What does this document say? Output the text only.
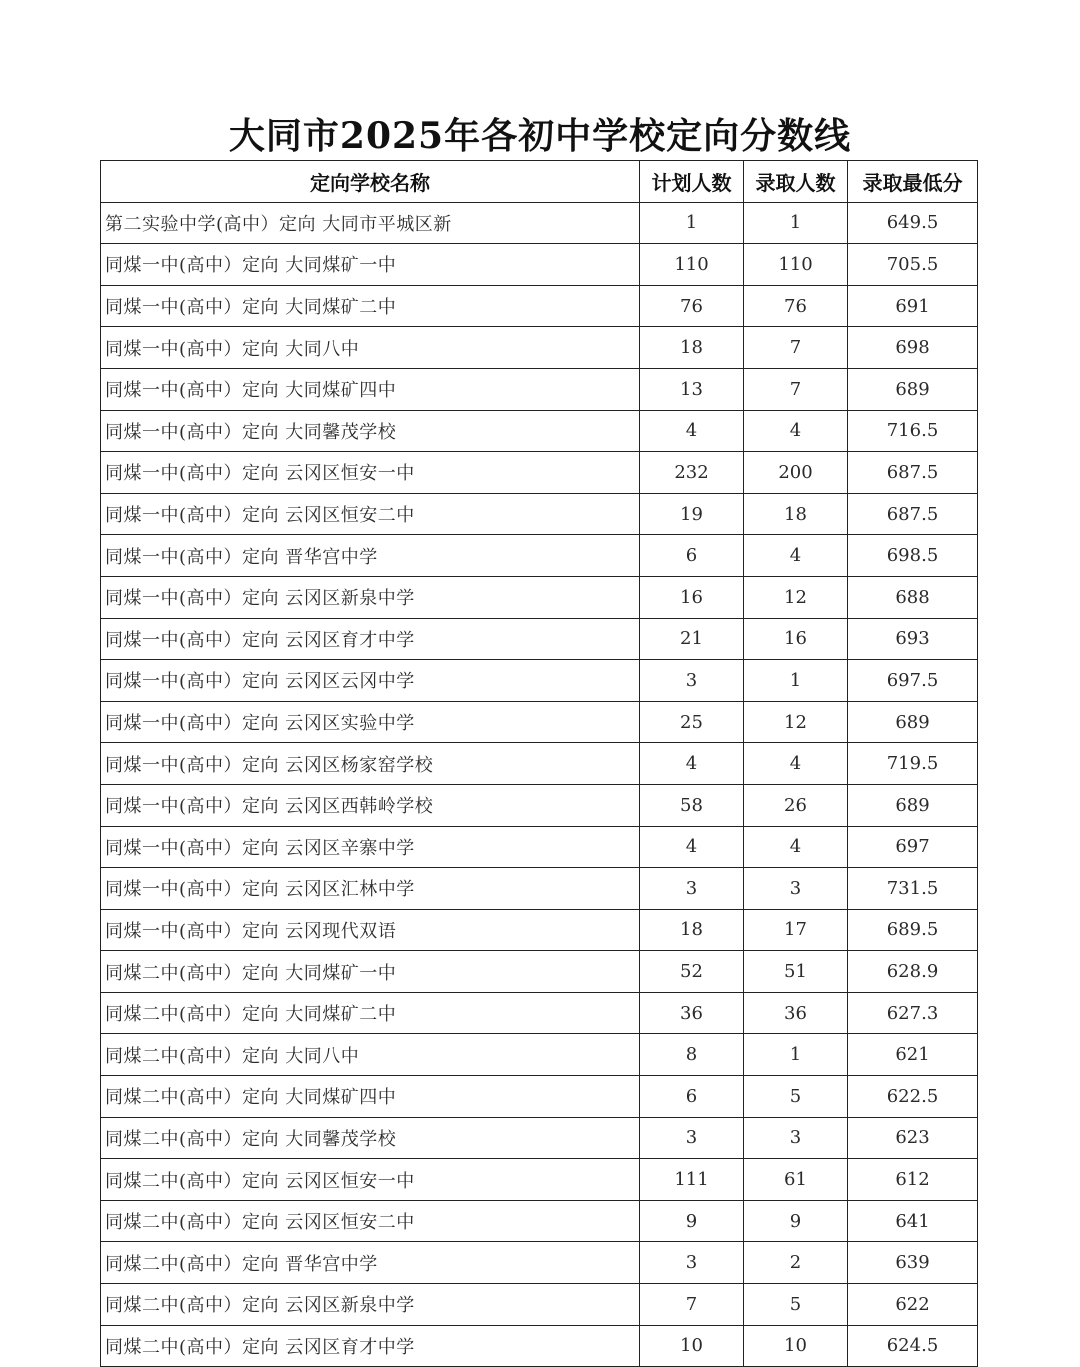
大同市2025年各初中学校定向分数线
定向学校名称	计划人数	录取人数	录取最低分
第二实验中学(高中）定向 大同市平城区新	1	1	649.5
同煤一中(高中）定向 大同煤矿一中	110	110	705.5
同煤一中(高中）定向 大同煤矿二中	76	76	691
同煤一中(高中）定向 大同八中	18	7	698
同煤一中(高中）定向 大同煤矿四中	13	7	689
同煤一中(高中）定向 大同馨茂学校	4	4	716.5
同煤一中(高中）定向 云冈区恒安一中	232	200	687.5
同煤一中(高中）定向 云冈区恒安二中	19	18	687.5
同煤一中(高中）定向 晋华宫中学	6	4	698.5
同煤一中(高中）定向 云冈区新泉中学	16	12	688
同煤一中(高中）定向 云冈区育才中学	21	16	693
同煤一中(高中）定向 云冈区云冈中学	3	1	697.5
同煤一中(高中）定向 云冈区实验中学	25	12	689
同煤一中(高中）定向 云冈区杨家窑学校	4	4	719.5
同煤一中(高中）定向 云冈区西韩岭学校	58	26	689
同煤一中(高中）定向 云冈区辛寨中学	4	4	697
同煤一中(高中）定向 云冈区汇林中学	3	3	731.5
同煤一中(高中）定向 云冈现代双语	18	17	689.5
同煤二中(高中）定向 大同煤矿一中	52	51	628.9
同煤二中(高中）定向 大同煤矿二中	36	36	627.3
同煤二中(高中）定向 大同八中	8	1	621
同煤二中(高中）定向 大同煤矿四中	6	5	622.5
同煤二中(高中）定向 大同馨茂学校	3	3	623
同煤二中(高中）定向 云冈区恒安一中	111	61	612
同煤二中(高中）定向 云冈区恒安二中	9	9	641
同煤二中(高中）定向 晋华宫中学	3	2	639
同煤二中(高中）定向 云冈区新泉中学	7	5	622
同煤二中(高中）定向 云冈区育才中学	10	10	624.5
